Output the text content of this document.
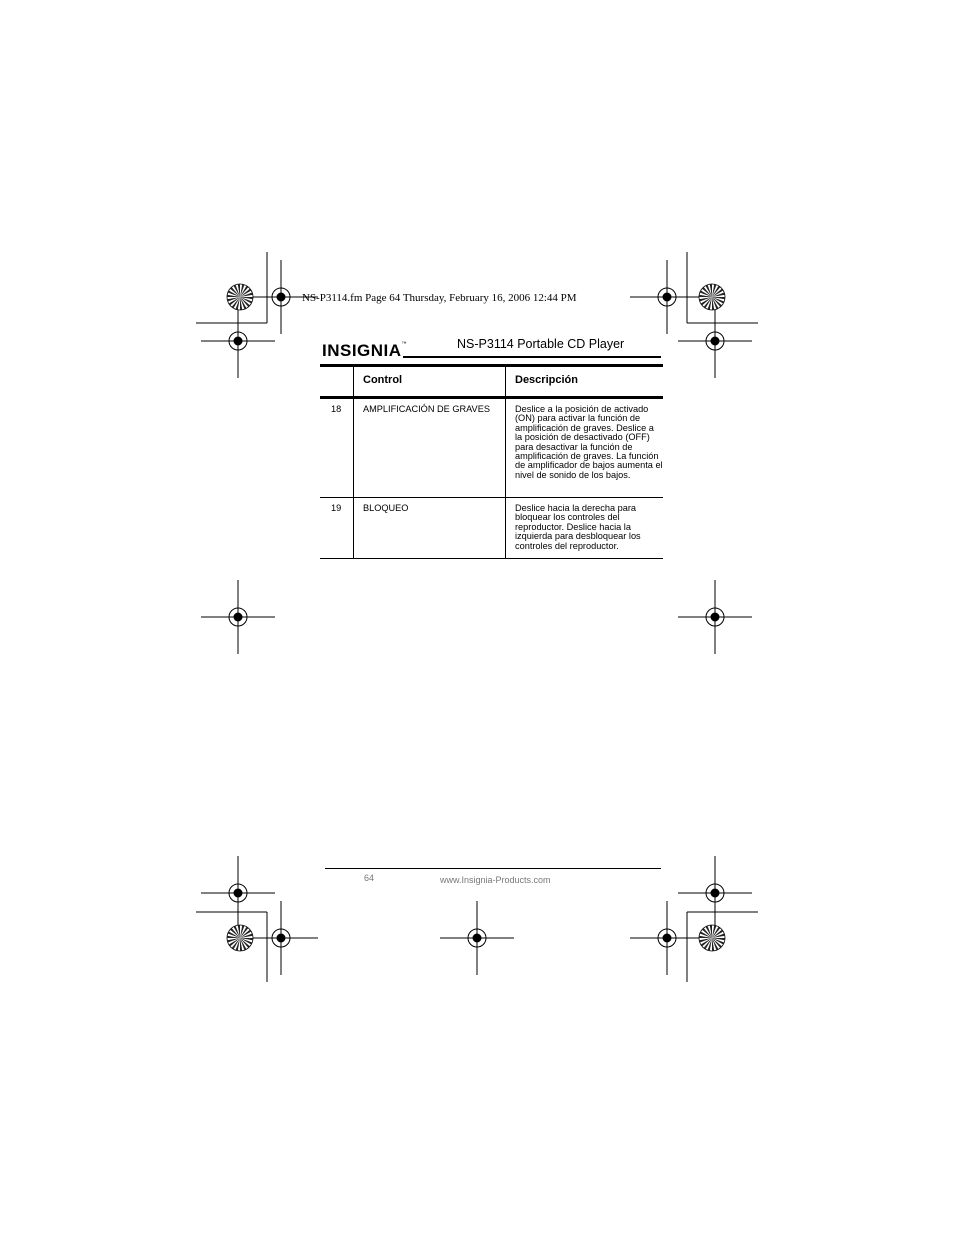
NS-P3114.fm Page 64 Thursday, February 16, 2006 12:44 PM
INSIGNIA™	NS-P3114 Portable CD Player
Control	Descripción
18 AMPLIFICACIÓN DE GRAVES	Deslice a la posición de activado (ON) para activar la función de amplificación de graves. Deslice a la posición de desactivado (OFF) para desactivar la función de amplificación de graves. La función de amplificador de bajos aumenta el nivel de sonido de los bajos.
19 BLOQUEO	Deslice hacia la derecha para bloquear los controles del reproductor. Deslice hacia la izquierda para desbloquear los controles del reproductor.
64	www.Insignia-Products.com
